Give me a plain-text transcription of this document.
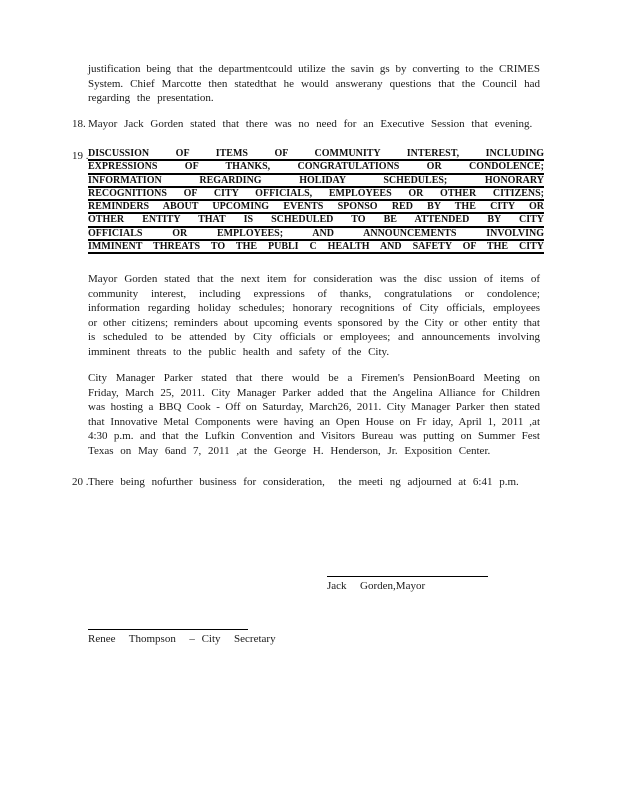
justification being that the departmentcould utilize the savin gs by converting to the CRIMES
System. Chief Marcotte then statedthat he would answerany questions that the Council had
regarding the presentation.
18. Mayor Jack Gorden stated that there was no need for an Executive Session that evening.
19 . DISCUSSION OF ITEMS OF COMMUNITY INTEREST, INCLUDING
EXPRESSIONS OF THANKS, CONGRATULATIONS OR CONDOLENCE;
INFORMATION REGARDING HOLIDAY SCHEDULES; HONORARY
RECOGNITIONS OF CITY OFFICIALS, EMPLOYEES OR OTHER CITIZENS;
REMINDERS ABOUT UPCOMING EVENTS SPONSO RED BY THE CITY OR
OTHER ENTITY THAT IS SCHEDULED TO BE ATTENDED BY CITY
OFFICIALS OR EMPLOYEES; AND ANNOUNCEMENTS INVOLVING
IMMINENT THREATS TO THE PUBLI C HEALTH AND SAFETY OF THE CITY
Mayor Gorden stated that the next item for consideration was the disc ussion of items of
community interest, including expressions of thanks, congratulations or condolence;
information regarding holiday schedules; honorary recognitions of City officials, employees
or other citizens; reminders about upcoming events sponsored by the City or other entity that
is scheduled to be attended by City officials or employees; and announcements involving
imminent threats to the public health and safety of the City.
City Manager Parker stated that there would be a Firemen's PensionBoard Meeting on
Friday, March 25, 2011. City Manager Parker added that the Angelina Alliance for Children
was hosting a BBQ Cook - Off on Saturday, March26, 2011. City Manager Parker then stated
that Innovative Metal Components were having an Open House on Fr iday, April 1, 2011 ,at
4:30 p.m. and that the Lufkin Convention and Visitors Bureau was putting on Summer Fest
Texas on May 6and 7, 2011 ,at the George H. Henderson, Jr. Exposition Center.
20 . There being nofurther business for consideration,  the meeti ng adjourned at 6:41 p.m.
Jack  Gorden,Mayor
Renee  Thompson  – City  Secretary
